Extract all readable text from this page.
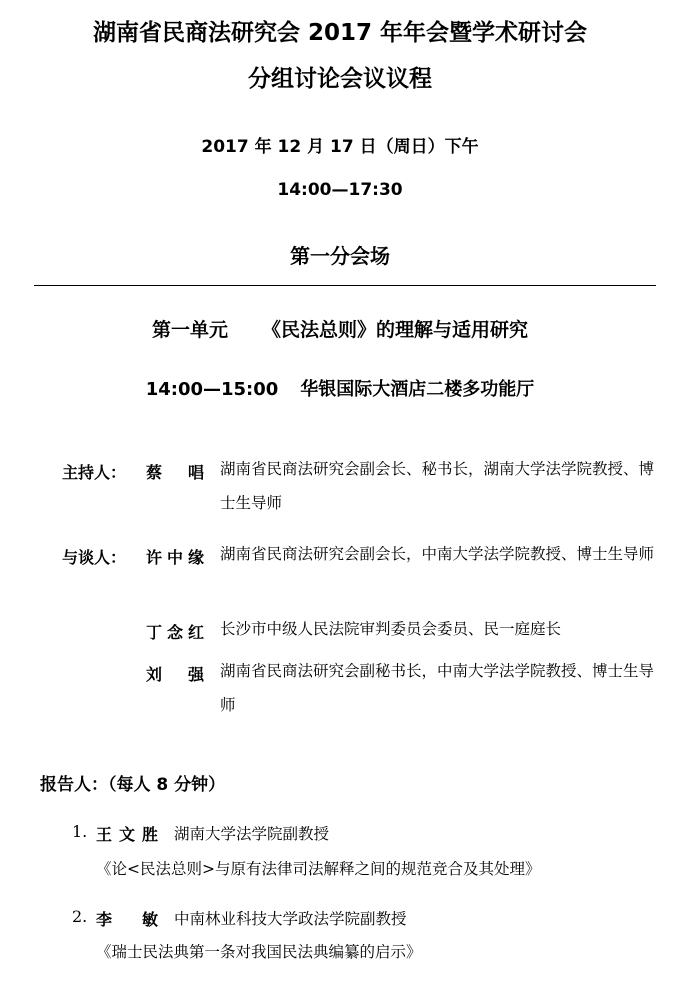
湖南省民商法研究会 2017 年年会暨学术研讨会
分组讨论会议议程
2017 年 12 月 17 日（周日）下午
14:00—17:30
第一分会场
第一单元 《民法总则》的理解与适用研究
14:00—15:00 华银国际大酒店二楼多功能厅
主持人： 蔡 唱 湖南省民商法研究会副会长、秘书长，湖南大学法学院教授、博士生导师
与谈人： 许中缘 湖南省民商法研究会副会长，中南大学法学院教授、博士生导师
丁念红 长沙市中级人民法院审判委员会委员、民一庭庭长
刘 强 湖南省民商法研究会副秘书长，中南大学法学院教授、博士生导师
报告人：（每人 8 分钟）
1. 王文胜 湖南大学法学院副教授
《论<民法总则>与原有法律司法解释之间的规范竞合及其处理》
2. 李 敏 中南林业科技大学政法学院副教授
《瑞士民法典第一条对我国民法典编纂的启示》
